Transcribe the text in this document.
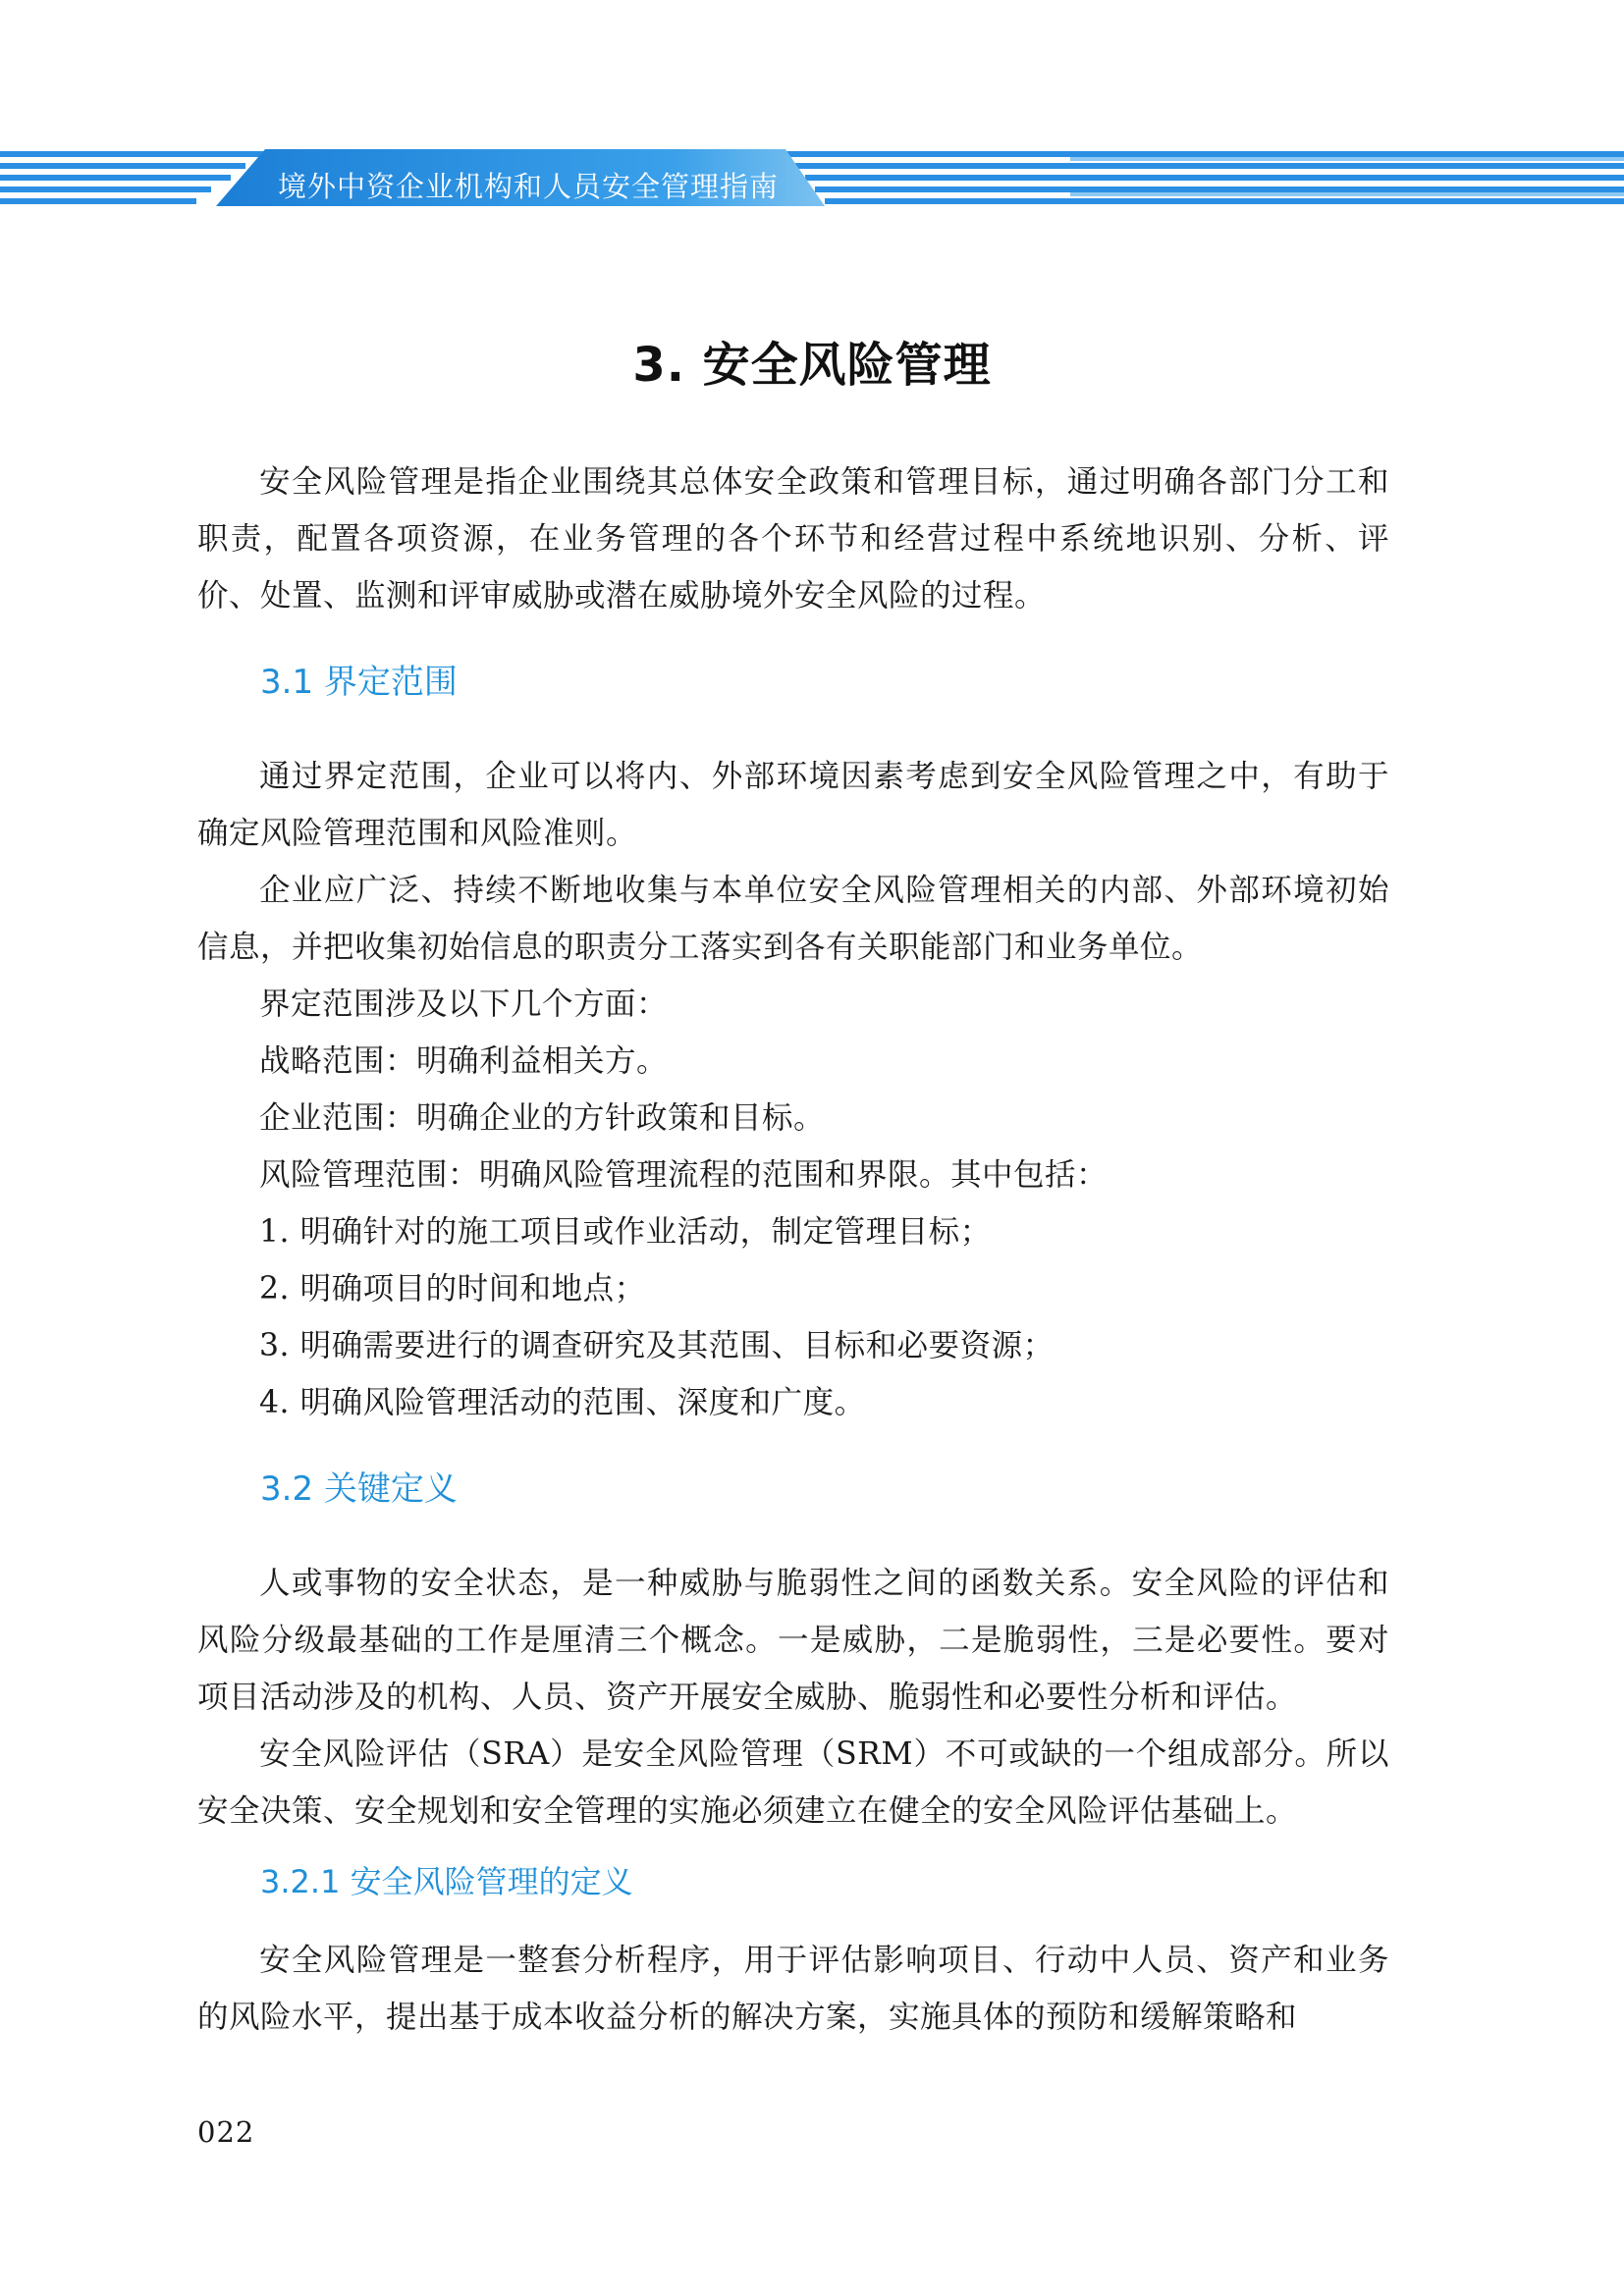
境外中资企业机构和人员安全管理指南
3. 安全风险管理

安全风险管理是指企业围绕其总体安全政策和管理目标，通过明确各部门分工和职责，配置各项资源，在业务管理的各个环节和经营过程中系统地识别、分析、评价、处置、监测和评审威胁或潜在威胁境外安全风险的过程。

3.1 界定范围

通过界定范围，企业可以将内、外部环境因素考虑到安全风险管理之中，有助于确定风险管理范围和风险准则。

企业应广泛、持续不断地收集与本单位安全风险管理相关的内部、外部环境初始信息，并把收集初始信息的职责分工落实到各有关职能部门和业务单位。

界定范围涉及以下几个方面：

战略范围：明确利益相关方。

企业范围：明确企业的方针政策和目标。

风险管理范围：明确风险管理流程的范围和界限。其中包括：

1. 明确针对的施工项目或作业活动，制定管理目标；

2. 明确项目的时间和地点；

3. 明确需要进行的调查研究及其范围、目标和必要资源；

4. 明确风险管理活动的范围、深度和广度。

3.2 关键定义

人或事物的安全状态，是一种威胁与脆弱性之间的函数关系。安全风险的评估和风险分级最基础的工作是厘清三个概念。一是威胁，二是脆弱性，三是必要性。要对项目活动涉及的机构、人员、资产开展安全威胁、脆弱性和必要性分析和评估。

安全风险评估（SRA）是安全风险管理（SRM）不可或缺的一个组成部分。所以安全决策、安全规划和安全管理的实施必须建立在健全的安全风险评估基础上。

3.2.1 安全风险管理的定义

安全风险管理是一整套分析程序，用于评估影响项目、行动中人员、资产和业务的风险水平，提出基于成本收益分析的解决方案，实施具体的预防和缓解策略和

022
